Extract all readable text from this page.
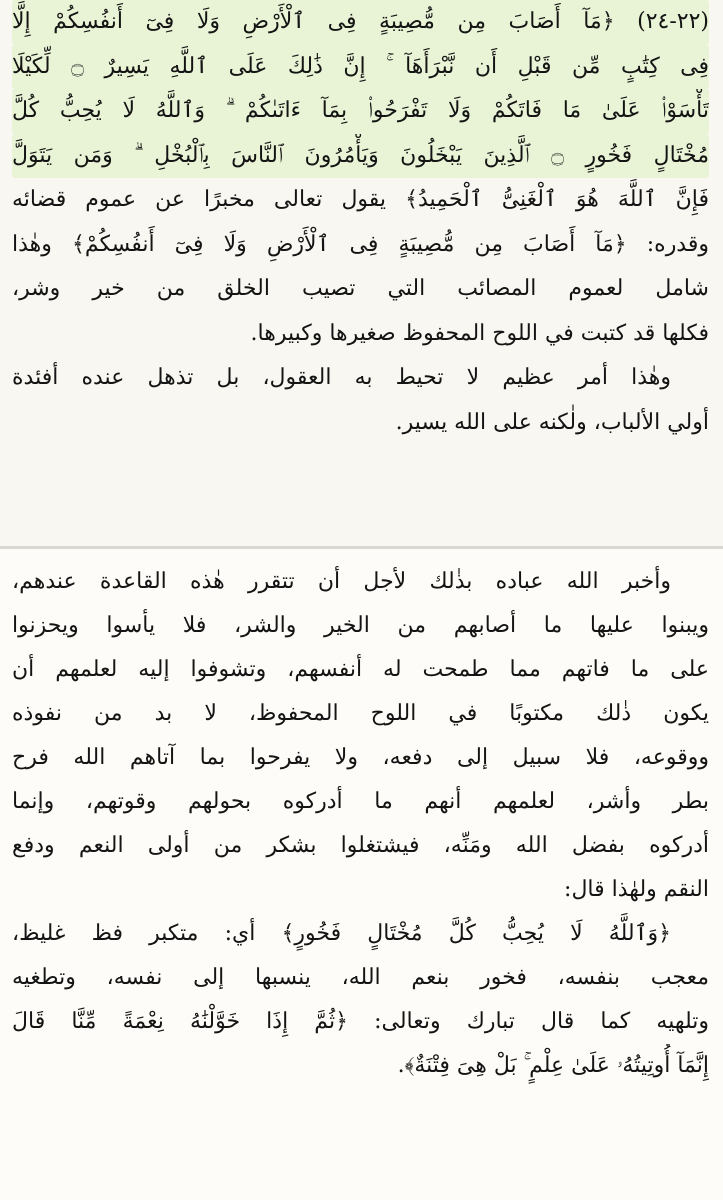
(٢٢-٢٤) ﴿مَآ أَصَابَ مِن مُّصِيبَةٍ فِى ٱلْأَرْضِ وَلَا فِىٓ أَنفُسِكُمْ إِلَّا
فِى كِتَٰبٍ مِّن قَبْلِ أَن نَّبْرَأَهَآ ۚ إِنَّ ذَٰلِكَ عَلَى ٱللَّهِ يَسِيرٌ ۝ لِّكَيْلَا
تَأْسَوْا۟ عَلَىٰ مَا فَاتَكُمْ وَلَا تَفْرَحُوا۟ بِمَآ ءَاتَىٰكُمْ ۗ وَٱللَّهُ لَا يُحِبُّ كُلَّ
مُخْتَالٍ فَخُورٍ ۝ ٱلَّذِينَ يَبْخَلُونَ وَيَأْمُرُونَ ٱلنَّاسَ بِٱلْبُخْلِ ۗ وَمَن يَتَوَلَّ
فَإِنَّ ٱللَّهَ هُوَ ٱلْغَنِىُّ ٱلْحَمِيدُ﴾ يقول تعالى مخبرًا عن عموم قضائه
وقدره: ﴿مَآ أَصَابَ مِن مُّصِيبَةٍ فِى ٱلْأَرْضِ وَلَا فِىٓ أَنفُسِكُمْ﴾ وهٰذا
شامل لعموم المصائب التي تصيب الخلق من خير وشر،
فكلها قد كتبت في اللوح المحفوظ صغيرها وكبيرها.
وهٰذا أمر عظيم لا تحيط به العقول، بل تذهل عنده أفئدة
أولي الألباب، ولٰكنه على الله يسير.
وأخبر الله عباده بذٰلك لأجل أن تتقرر هٰذه القاعدة عندهم،
ويبنوا عليها ما أصابهم من الخير والشر، فلا يأسوا ويحزنوا
على ما فاتهم مما طمحت له أنفسهم، وتشوفوا إليه لعلمهم أن
يكون ذٰلك مكتوبًا في اللوح المحفوظ، لا بد من نفوذه
ووقوعه، فلا سبيل إلى دفعه، ولا يفرحوا بما آتاهم الله فرح
بطر وأشر، لعلمهم أنهم ما أدركوه بحولهم وقوتهم، وإنما
أدركوه بفضل الله ومَنِّه، فيشتغلوا بشكر من أولى النعم ودفع
النقم ولهٰذا قال:
﴿وَٱللَّهُ لَا يُحِبُّ كُلَّ مُخْتَالٍ فَخُورٍ﴾ أي: متكبر فظ غليظ،
معجب بنفسه، فخور بنعم الله، ينسبها إلى نفسه، وتطغيه
وتلهيه كما قال تبارك وتعالى: ﴿ثُمَّ إِذَا خَوَّلْنَٰهُ نِعْمَةً مِّنَّا قَالَ
إِنَّمَآ أُوتِيتُهُۥ عَلَىٰ عِلْمٍ ۚ بَلْ هِىَ فِتْنَةٌ﴾.
